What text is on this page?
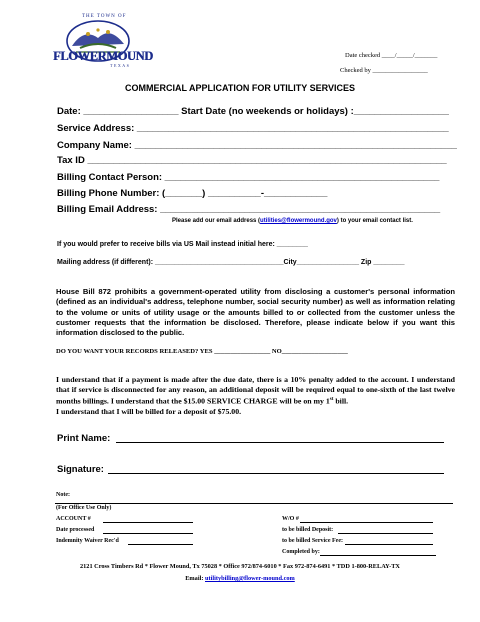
THE TOWN OF
FLOWERMOUND
TEXAS
Date checked ____/_____/_______
Checked by _________________
COMMERCIAL APPLICATION FOR UTILITY SERVICES
Date: __________________ Start Date (no weekends or holidays) :__________________
Service Address: ___________________________________________________________
Company Name: _____________________________________________________________
Tax ID ____________________________________________________________________
Billing Contact Person: ____________________________________________________
Billing Phone Number: (_______) __________-____________
Billing Email Address: _____________________________________________________
Please add our email address (utilities@flowermound.gov) to your email contact list.
If you would prefer to receive bills via US Mail instead initial here: ________
Mailing address (if different): _________________________________City________________ Zip ________
House Bill 872 prohibits a government-operated utility from disclosing a customer's personal information (defined as an individual's address, telephone number, social security number) as well as information relating to the volume or units of utility usage or the amounts billed to or collected from the customer unless the customer requests that the information be disclosed. Therefore, please indicate below if you want this information disclosed to the public.
DO YOU WANT YOUR RECORDS RELEASED? YES _________________ NO____________________
I understand that if a payment is made after the due date, there is a 10% penalty added to the account. I understand that if service is disconnected for any reason, an additional deposit will be required equal to one-sixth of the last twelve months billings. I understand that the $15.00 SERVICE CHARGE will be on my 1st bill.
I understand that I will be billed for a deposit of $75.00.
Print Name:
Signature:
Note:
(For Office Use Only)
ACCOUNT #
Date processed
Indemnity Waiver Rec'd
W/O #
to be billed Deposit:
to be billed Service Fee:
Completed by:
2121 Cross Timbers Rd * Flower Mound, Tx 75028 * Office 972/874-6010 * Fax 972-874-6491 * TDD 1-800-RELAY-TX
Email: utilitybilling@flower-mound.com
